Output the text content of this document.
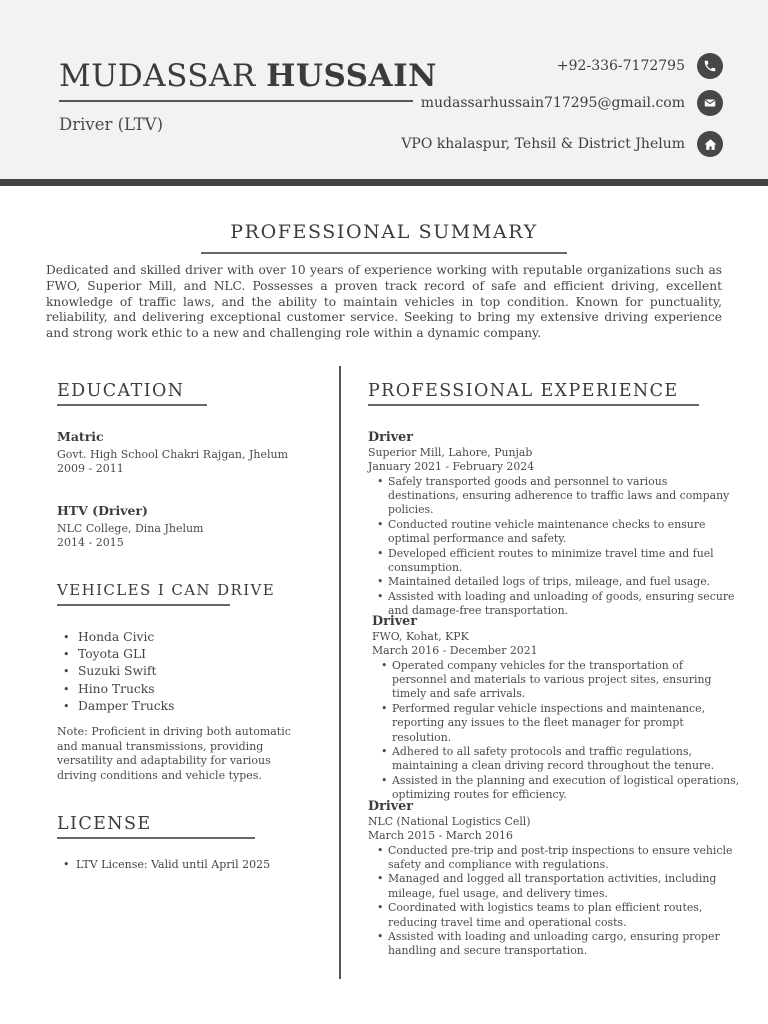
MUDASSAR HUSSAIN
Driver (LTV)
+92-336-7172795
mudassarhussain717295@gmail.com
VPO khalaspur, Tehsil & District Jhelum
PROFESSIONAL SUMMARY

Dedicated and skilled driver with over 10 years of experience working with reputable organizations such as FWO, Superior Mill, and NLC. Possesses a proven track record of safe and efficient driving, excellent knowledge of traffic laws, and the ability to maintain vehicles in top condition. Known for punctuality, reliability, and delivering exceptional customer service. Seeking to bring my extensive driving experience and strong work ethic to a new and challenging role within a dynamic company.

EDUCATION
Matric
Govt. High School Chakri Rajgan, Jhelum
2009 - 2011
HTV (Driver)
NLC College, Dina Jhelum
2014 - 2015
VEHICLES I CAN DRIVE
• Honda Civic
• Toyota GLI
• Suzuki Swift
• Hino Trucks
• Damper Trucks

Note: Proficient in driving both automatic and manual transmissions, providing versatility and adaptability for various driving conditions and vehicle types.

LICENSE
• LTV License: Valid until April 2025
PROFESSIONAL EXPERIENCE
Driver
Superior Mill, Lahore, Punjab
January 2021 - February 2024
• Safely transported goods and personnel to various destinations, ensuring adherence to traffic laws and company policies.
• Conducted routine vehicle maintenance checks to ensure optimal performance and safety.
• Developed efficient routes to minimize travel time and fuel consumption.
• Maintained detailed logs of trips, mileage, and fuel usage.
• Assisted with loading and unloading of goods, ensuring secure and damage-free transportation.
Driver
FWO, Kohat, KPK
March 2016 - December 2021
• Operated company vehicles for the transportation of personnel and materials to various project sites, ensuring timely and safe arrivals.
• Performed regular vehicle inspections and maintenance, reporting any issues to the fleet manager for prompt resolution.
• Adhered to all safety protocols and traffic regulations, maintaining a clean driving record throughout the tenure.
• Assisted in the planning and execution of logistical operations, optimizing routes for efficiency.
Driver
NLC (National Logistics Cell)
March 2015 - March 2016
• Conducted pre-trip and post-trip inspections to ensure vehicle safety and compliance with regulations.
• Managed and logged all transportation activities, including mileage, fuel usage, and delivery times.
• Coordinated with logistics teams to plan efficient routes, reducing travel time and operational costs.
• Assisted with loading and unloading cargo, ensuring proper handling and secure transportation.
